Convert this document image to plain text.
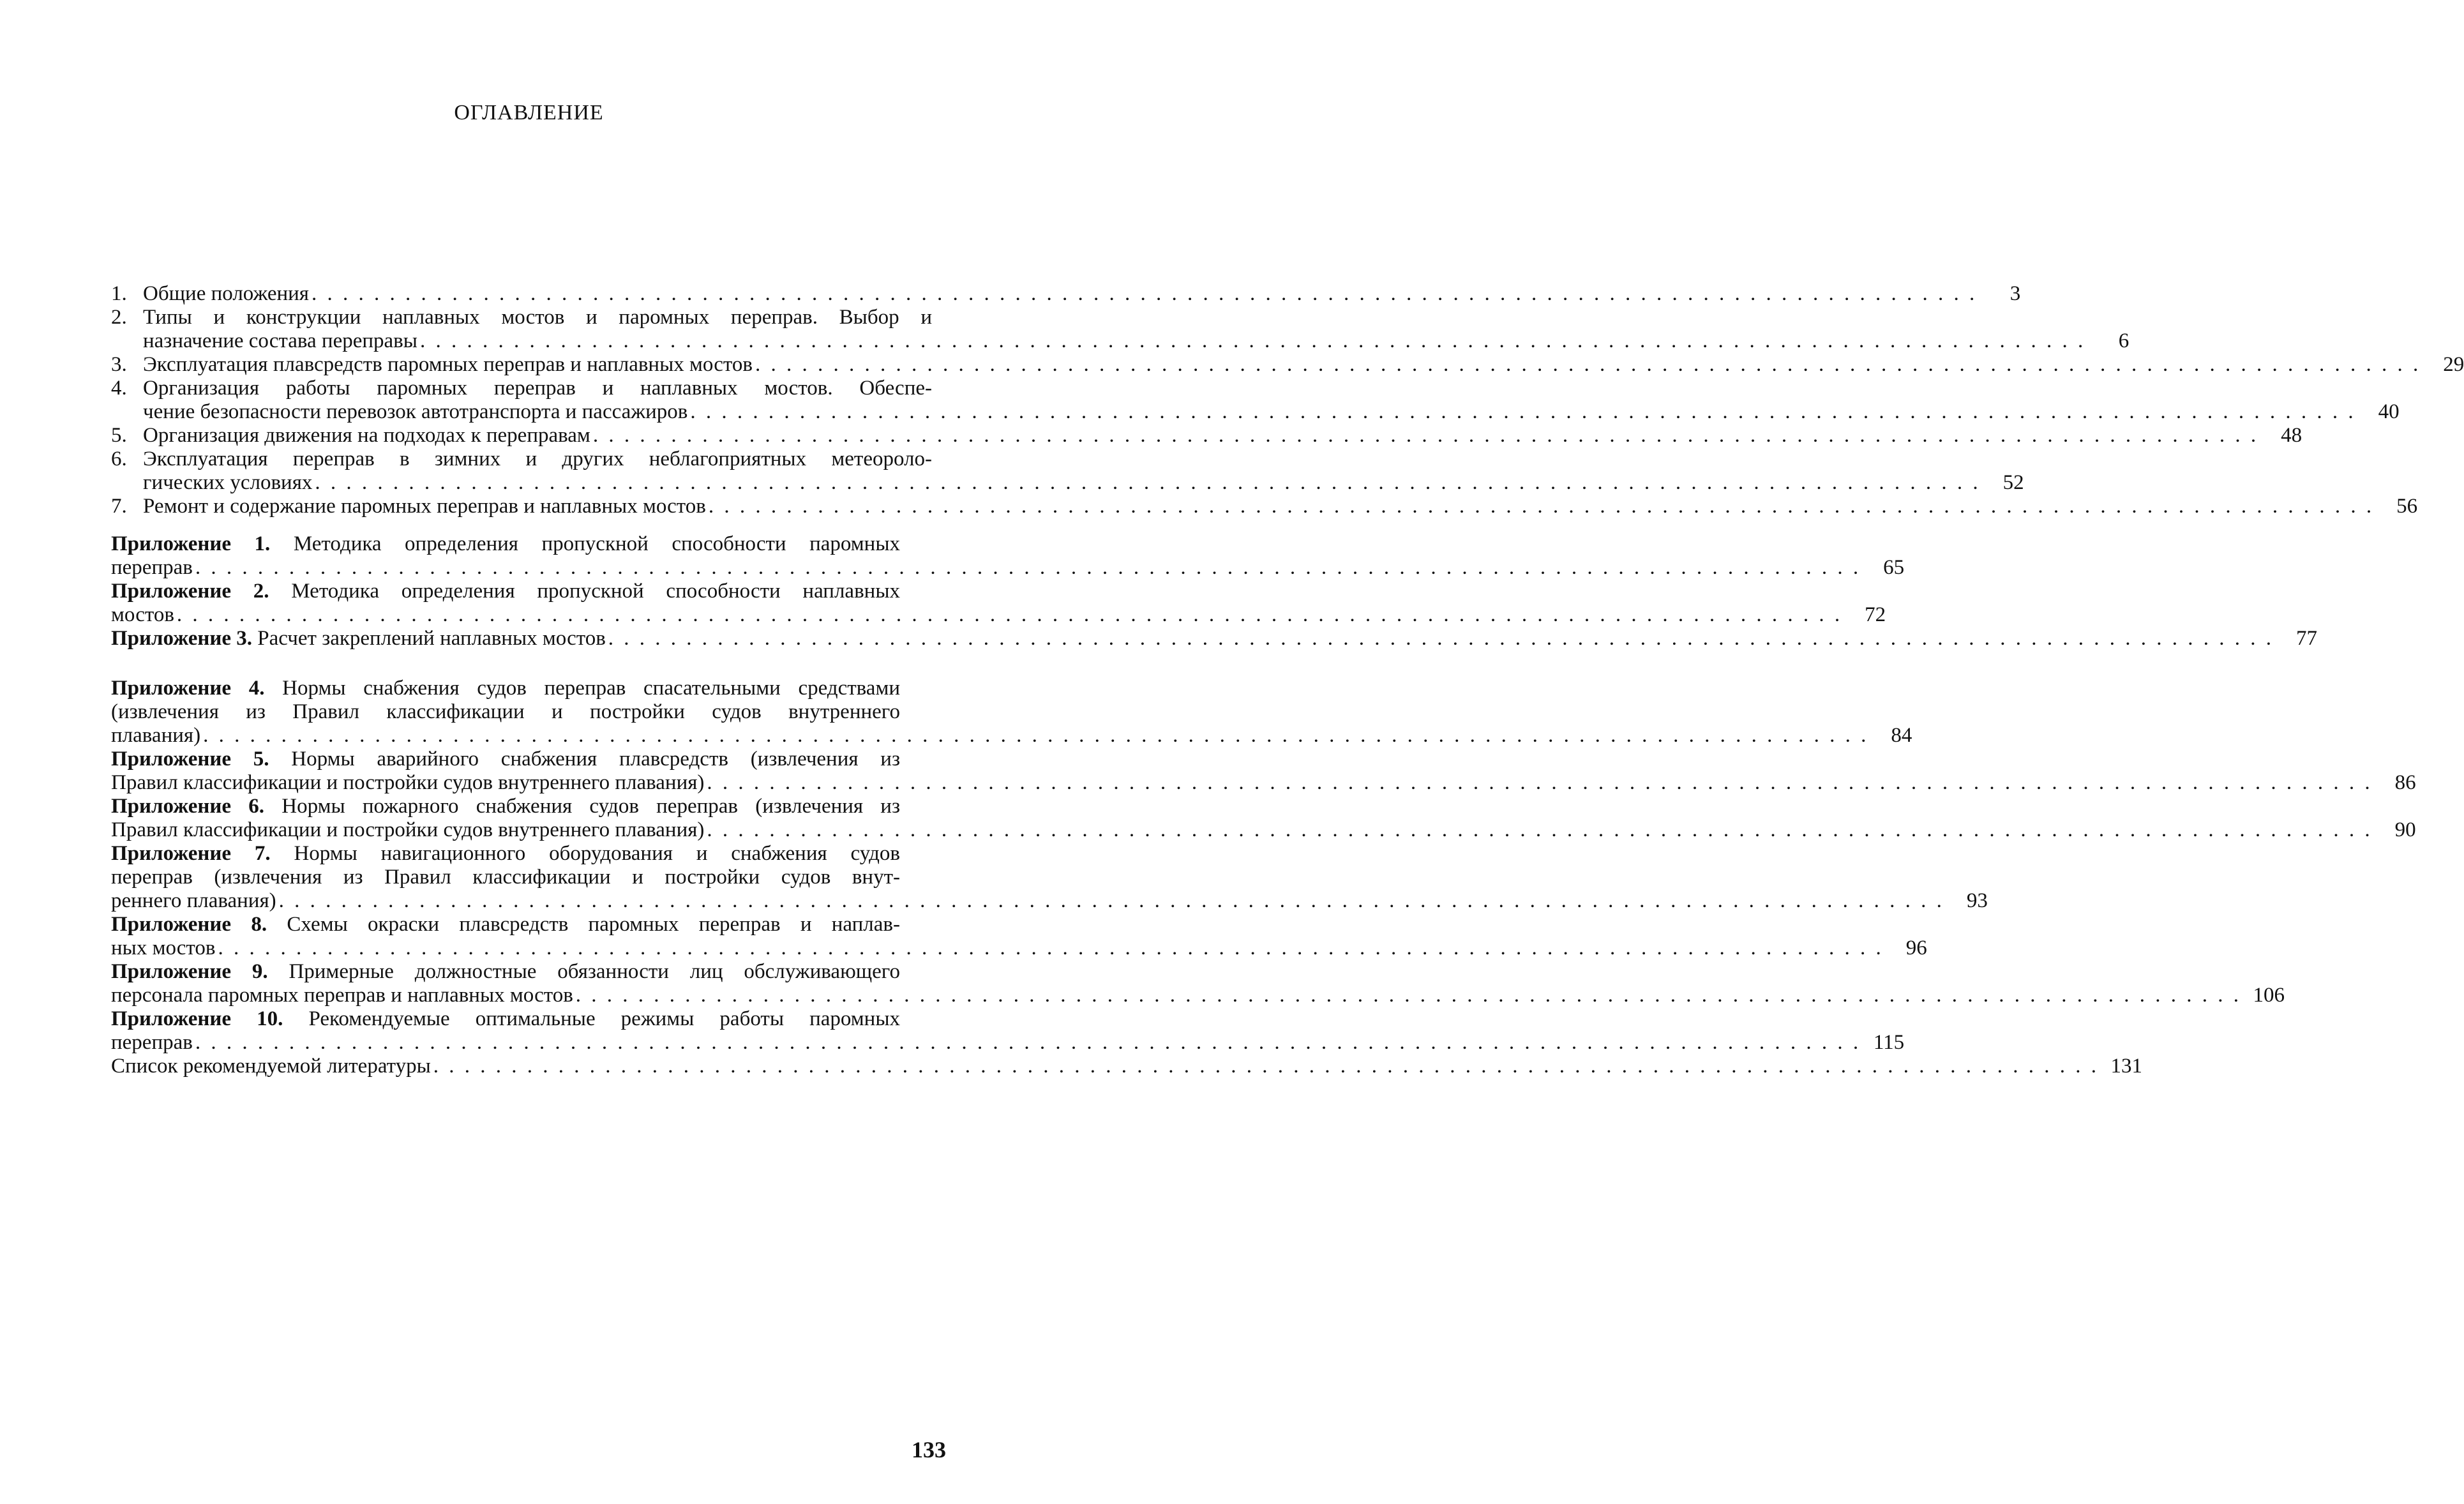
ОГЛАВЛЕНИЕ
1. Общие положения . . . . . . . . . . . . . . . . . . . . . . . . . . . . . . . . . . . . . . . . . . . . . . . . . . . . . . . . . . . . . . . . . . . . . . . . . . . . . . . . . . . . . . . . . . . . . . . . . . . . . . . . . . .	3
2. Типы и конструкции наплавных мостов и паромных переправ. Выбор и
назначение состава переправы . . . . . . . . . . . . . . . . . . . . . . . . . . . . . . . . . . . . . . . . . . . . . . . . . . . . . . . . . . . . . . . . . . . . . . . . . . . . . . . . . . . . . . . . . . . . . . . . . . . . . . . . . . .	6
3. Эксплуатация плавсредств паромных переправ и наплавных мостов . . . . . . . . . . . . . . . . . . . . . . . . . . . . . . . . . . . . . . . . . . . . . . . . . . . . . . . . . . . . . . . . . . . . . . . . . . . . . . . . . . . . . . . . . . . . . . . . . . . . . . . . . . .	29
4. Организация работы паромных переправ и наплавных мостов. Обеспе-
чение безопасности перевозок автотранспорта и пассажиров . . . . . . . . . . . . . . . . . . . . . . . . . . . . . . . . . . . . . . . . . . . . . . . . . . . . . . . . . . . . . . . . . . . . . . . . . . . . . . . . . . . . . . . . . . . . . . . . . . . . . . . . . . .	40
5. Организация движения на подходах к переправам . . . . . . . . . . . . . . . . . . . . . . . . . . . . . . . . . . . . . . . . . . . . . . . . . . . . . . . . . . . . . . . . . . . . . . . . . . . . . . . . . . . . . . . . . . . . . . . . . . . . . . . . . . .	48
6. Эксплуатация переправ в зимних и других неблагоприятных метеороло-
гических условиях . . . . . . . . . . . . . . . . . . . . . . . . . . . . . . . . . . . . . . . . . . . . . . . . . . . . . . . . . . . . . . . . . . . . . . . . . . . . . . . . . . . . . . . . . . . . . . . . . . . . . . . . . . .	52
7. Ремонт и содержание паромных переправ и наплавных мостов . . . . . . . . . . . . . . . . . . . . . . . . . . . . . . . . . . . . . . . . . . . . . . . . . . . . . . . . . . . . . . . . . . . . . . . . . . . . . . . . . . . . . . . . . . . . . . . . . . . . . . . . . . .	56
Приложение 1. Методика определения пропускной способности паромных
переправ . . . . . . . . . . . . . . . . . . . . . . . . . . . . . . . . . . . . . . . . . . . . . . . . . . . . . . . . . . . . . . . . . . . . . . . . . . . . . . . . . . . . . . . . . . . . . . . . . . . . . . . . . . .	65
Приложение 2. Методика определения пропускной способности наплавных
мостов . . . . . . . . . . . . . . . . . . . . . . . . . . . . . . . . . . . . . . . . . . . . . . . . . . . . . . . . . . . . . . . . . . . . . . . . . . . . . . . . . . . . . . . . . . . . . . . . . . . . . . . . . . .	72
Приложение 3. Расчет закреплений наплавных мостов . . . . . . . . . . . . . . . . . . . . . . . . . . . . . . . . . . . . . . . . . . . . . . . . . . . . . . . . . . . . . . . . . . . . . . . . . . . . . . . . . . . . . . . . . . . . . . . . . . . . . . . . . . .	77
Приложение 4. Нормы снабжения судов переправ спасательными средствами
(извлечения из Правил классификации и постройки судов внутреннего
плавания) . . . . . . . . . . . . . . . . . . . . . . . . . . . . . . . . . . . . . . . . . . . . . . . . . . . . . . . . . . . . . . . . . . . . . . . . . . . . . . . . . . . . . . . . . . . . . . . . . . . . . . . . . . .	84
Приложение 5. Нормы аварийного снабжения плавсредств (извлечения из
Правил классификации и постройки судов внутреннего плавания) . . . . . . . . . . . . . . . . . . . . . . . . . . . . . . . . . . . . . . . . . . . . . . . . . . . . . . . . . . . . . . . . . . . . . . . . . . . . . . . . . . . . . . . . . . . . . . . . . . . . . . . . . . .	86
Приложение 6. Нормы пожарного снабжения судов переправ (извлечения из
Правил классификации и постройки судов внутреннего плавания) . . . . . . . . . . . . . . . . . . . . . . . . . . . . . . . . . . . . . . . . . . . . . . . . . . . . . . . . . . . . . . . . . . . . . . . . . . . . . . . . . . . . . . . . . . . . . . . . . . . . . . . . . . .	90
Приложение 7. Нормы навигационного оборудования и снабжения судов
переправ (извлечения из Правил классификации и постройки судов внут-
реннего плавания) . . . . . . . . . . . . . . . . . . . . . . . . . . . . . . . . . . . . . . . . . . . . . . . . . . . . . . . . . . . . . . . . . . . . . . . . . . . . . . . . . . . . . . . . . . . . . . . . . . . . . . . . . . .	93
Приложение 8. Схемы окраски плавсредств паромных переправ и наплав-
ных мостов . . . . . . . . . . . . . . . . . . . . . . . . . . . . . . . . . . . . . . . . . . . . . . . . . . . . . . . . . . . . . . . . . . . . . . . . . . . . . . . . . . . . . . . . . . . . . . . . . . . . . . . . . . .	96
Приложение 9. Примерные должностные обязанности лиц обслуживающего
персонала паромных переправ и наплавных мостов . . . . . . . . . . . . . . . . . . . . . . . . . . . . . . . . . . . . . . . . . . . . . . . . . . . . . . . . . . . . . . . . . . . . . . . . . . . . . . . . . . . . . . . . . . . . . . . . . . . . . . . . . . . 106
Приложение 10. Рекомендуемые оптимальные режимы работы паромных
переправ . . . . . . . . . . . . . . . . . . . . . . . . . . . . . . . . . . . . . . . . . . . . . . . . . . . . . . . . . . . . . . . . . . . . . . . . . . . . . . . . . . . . . . . . . . . . . . . . . . . . . . . . . . . 115
Список рекомендуемой литературы . . . . . . . . . . . . . . . . . . . . . . . . . . . . . . . . . . . . . . . . . . . . . . . . . . . . . . . . . . . . . . . . . . . . . . . . . . . . . . . . . . . . . . . . . . . . . . . . . . . . . . . . . . . 131
133
